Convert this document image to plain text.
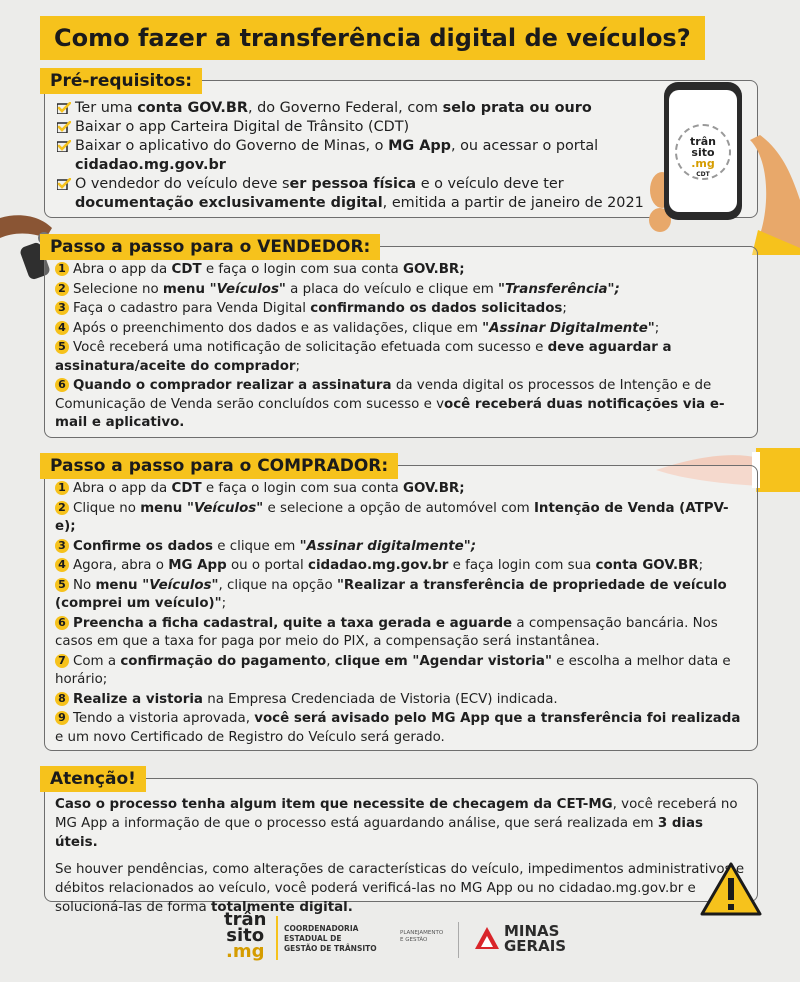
Como fazer a transferência digital de veículos?
Pré-requisitos:
Ter uma conta GOV.BR, do Governo Federal, com selo prata ou ouro
Baixar o app Carteira Digital de Trânsito (CDT)
Baixar o aplicativo do Governo de Minas, o MG App, ou acessar o portal cidadao.mg.gov.br
O vendedor do veículo deve ser pessoa física e o veículo deve ter documentação exclusivamente digital, emitida a partir de janeiro de 2021
trân
sito
.mg
CDT
Passo a passo para o VENDEDOR:
1 Abra o app da CDT e faça o login com sua conta GOV.BR;
2 Selecione no menu "Veículos" a placa do veículo e clique em "Transferência";
3 Faça o cadastro para Venda Digital confirmando os dados solicitados;
4 Após o preenchimento dos dados e as validações, clique em "Assinar Digitalmente";
5 Você receberá uma notificação de solicitação efetuada com sucesso e deve aguardar a assinatura/aceite do comprador;
6 Quando o comprador realizar a assinatura da venda digital os processos de Intenção e de Comunicação de Venda serão concluídos com sucesso e você receberá duas notificações via e-mail e aplicativo.
Passo a passo para o COMPRADOR:
1 Abra o app da CDT e faça o login com sua conta GOV.BR;
2 Clique no menu "Veículos" e selecione a opção de automóvel com Intenção de Venda (ATPV-e);
3 Confirme os dados e clique em "Assinar digitalmente";
4 Agora, abra o MG App ou o portal cidadao.mg.gov.br e faça login com sua conta GOV.BR;
5 No menu "Veículos", clique na opção "Realizar a transferência de propriedade de veículo (comprei um veículo)";
6 Preencha a ficha cadastral, quite a taxa gerada e aguarde a compensação bancária. Nos casos em que a taxa for paga por meio do PIX, a compensação será instantânea.
7 Com a confirmação do pagamento, clique em "Agendar vistoria" e escolha a melhor data e horário;
8 Realize a vistoria na Empresa Credenciada de Vistoria (ECV) indicada.
9 Tendo a vistoria aprovada, você será avisado pelo MG App que a transferência foi realizada e um novo Certificado de Registro do Veículo será gerado.
Atenção!

Caso o processo tenha algum item que necessite de checagem da CET-MG, você receberá no MG App a informação de que o processo está aguardando análise, que será realizada em 3 dias úteis.

Se houver pendências, como alterações de características do veículo, impedimentos administrativos e débitos relacionados ao veículo, você poderá verificá-las no MG App ou no cidadao.mg.gov.br e solucioná-las de forma totalmente digital.

trân
sito
.mg
COORDENADORIA
ESTADUAL DE
GESTÃO DE TRÂNSITO
PLANEJAMENTO
E GESTÃO	MINAS
GERAIS
